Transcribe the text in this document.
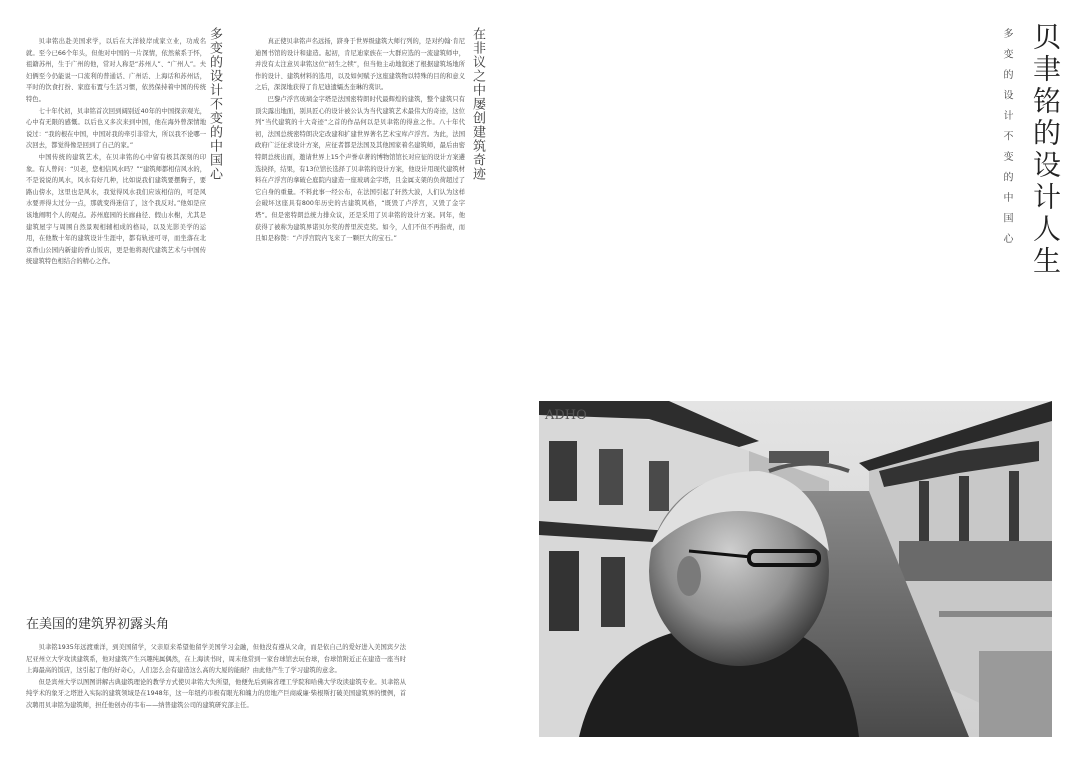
贝聿铭出赴美国求学，以后在大洋彼岸成家立业，功成名就。至今已66个年头，但他对中国的一片深情，依然萦系于怀，祖籍苏州，生于广州的他，常对人称是“苏州人”、“广州人”。夫妇俩至今仍能说一口流利的普通话、广州话、上海话和苏州话，平时的饮食打扮、家庭布置与生活习惯，依然保持着中国的传统特色。

七十年代初，贝聿铭首次回到阔别近40年的中国探亲观光，心中有无限的感慨。以后也又多次来到中国，他在海外曾深情地说过：“我的根在中国，中国对我的牵引非常大，所以我不论哪一次回去，都觉得像是回到了自己的家。”

中国传统的建筑艺术，在贝聿铭的心中留有极其深刻的印象。有人曾问：“贝老，您相信风水吗？”“建筑师都相信风水的，不是说说的风水，风水有好几种，比如说我们建筑要摆胸子，要路山傍水，这里也是风水，我觉得风水我们应该相信的，可是风水要弄得太过分一点，那就变得迷信了，这个我反对。”他如是应该地阐明个人的观点。苏州庭园的长廊曲径、假山水榭，尤其是建筑屋宇与周围自然景观相辅相成的格局，以及光影美学的运用，在他数十年的建筑设计生涯中，都有轨迹可寻，而坐落在北京香山公园内新建的香山饭店，更是他将现代建筑艺术与中国传统建筑特色相结合的精心之作。

多变的设计不变的中国心	真正使贝聿铭声名远扬，跻身于世界级建筑大师行列的，是对约翰·肯尼迪图书馆的设计和建造。起初，肯尼迪家族在一大群应选的一流建筑师中，并没有太注意贝聿铭这位“初生之犊”，但当他主动地叙述了根据建筑场地所作的设计、建筑材料的选用，以及如何赋予这座建筑物以特殊的目的和意义之后，深深地获得了肯尼迪遗孀杰奎琳的赏识。

巴黎卢浮宫玻璃金字塔是法国密特朗时代最辉煌的建筑，整个建筑只有顶尖露出地面，别具匠心的设计被公认为当代建筑艺术最伟大的奇迹，这位列“当代建筑的十大奇迹”之首的作品何以是贝聿铭的得意之作。八十年代初，法国总统密特朗决定改建和扩建世界著名艺术宝库卢浮宫。为此，法国政府广泛征求设计方案，应征者都是法国及其他国家着名建筑师，最后由密特朗总统出面，邀请世界上15个声誉卓著的博物馆馆长对应征的设计方案遴选抉择，结果，有13位馆长选择了贝聿铭的设计方案，他设计用现代建筑材料在卢浮宫的拿破仑庭院内建造一座玻璃金字塔，且金属支架的负荷超过了它自身的重量。不料此事一经公布，在法国引起了轩然大波，人们认为这样会破坏这座具有800年历史的古建筑风格，“既毁了卢浮宫，又毁了金字塔”。但是密特朗总统力排众议，还是采用了贝聿铭的设计方案。同年，他获得了被称为建筑界诺贝尔奖的普里茨克奖。如今，人们不但不再指责，而且如是称赞：“卢浮宫院内飞来了一颗巨大的宝石。”

在非议之中屡创建筑奇迹	贝聿铭的设计人生
多变的设计不变的中国心
在美国的建筑界初露头角

贝聿铭1935年远渡重洋，到美国留学，父亲原来希望他留学美国学习金融，但他没有遵从父命，而是依自己的爱好进入美国宾夕法尼亚州立大学攻读建筑系，他对建筑产生兴趣纯属偶然，在上海读书时，周末他常到一家台球馆去玩台球，台球馆附近正在建造一座当时上海最高的饭店，这引起了他的好奇心，人们怎么会有建造这么高的大厦的能耐？由此他产生了学习建筑的意念。

但是宾州大学以图图讲解古典建筑理论的教学方式使贝聿铭大失所望，他便先后到麻省理工学院和哈佛大学攻读建筑专业。贝聿铭从纯学术的象牙之塔进入实际的建筑领域是在1948年，这一年纽约市极有眼光和魄力的房地产巨商威廉·柴根斯打破美国建筑界的惯例，首次聘用贝聿铭为建筑师，担任他创办的韦布——纳普建筑公司的建筑研究部主任。

ADHO
